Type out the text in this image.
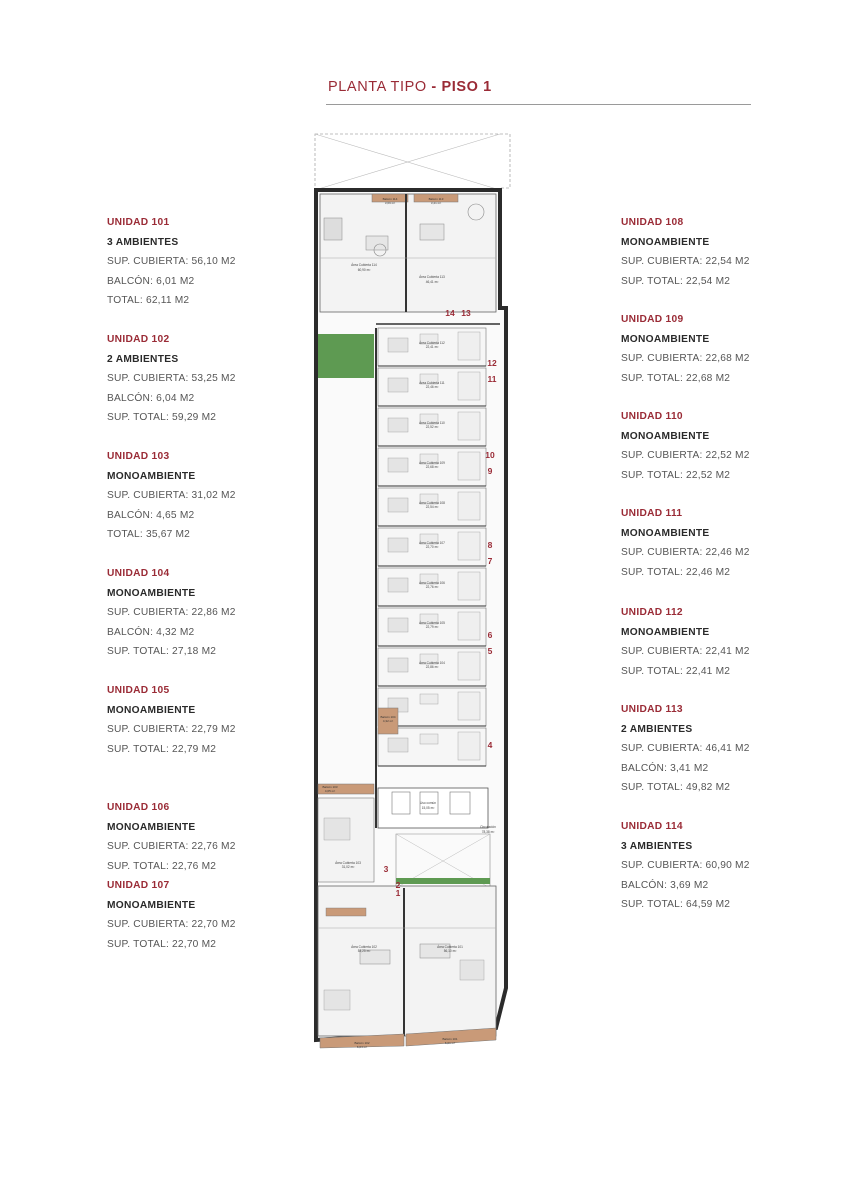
PLANTA TIPO - PISO 1
UNIDAD 101
3 AMBIENTES
SUP. CUBIERTA: 56,10 M2
BALCÓN: 6,01 M2
TOTAL: 62,11 M2
UNIDAD 102
2 AMBIENTES
SUP. CUBIERTA: 53,25 M2
BALCÓN: 6,04 M2
SUP. TOTAL: 59,29 M2
UNIDAD 103
MONOAMBIENTE
SUP. CUBIERTA: 31,02 M2
BALCÓN: 4,65 M2
TOTAL: 35,67 M2
UNIDAD 104
MONOAMBIENTE
SUP. CUBIERTA: 22,86 M2
BALCÓN: 4,32 M2
SUP. TOTAL: 27,18 M2
UNIDAD 105
MONOAMBIENTE
SUP. CUBIERTA: 22,79 M2
SUP. TOTAL: 22,79 M2
UNIDAD 106
MONOAMBIENTE
SUP. CUBIERTA: 22,76 M2
SUP. TOTAL: 22,76 M2
UNIDAD 107
MONOAMBIENTE
SUP. CUBIERTA: 22,70 M2
SUP. TOTAL: 22,70 M2
UNIDAD 108
MONOAMBIENTE
SUP. CUBIERTA: 22,54 M2
SUP. TOTAL: 22,54 M2
UNIDAD 109
MONOAMBIENTE
SUP. CUBIERTA: 22,68 M2
SUP. TOTAL: 22,68 M2
UNIDAD 110
MONOAMBIENTE
SUP. CUBIERTA: 22,52 M2
SUP. TOTAL: 22,52 M2
UNIDAD 111
MONOAMBIENTE
SUP. CUBIERTA: 22,46 M2
SUP. TOTAL: 22,46 M2
UNIDAD 112
MONOAMBIENTE
SUP. CUBIERTA: 22,41 M2
SUP. TOTAL: 22,41 M2
UNIDAD 113
2 AMBIENTES
SUP. CUBIERTA: 46,41 M2
BALCÓN: 3,41 M2
SUP. TOTAL: 49,82 M2
UNIDAD 114
3 AMBIENTES
SUP. CUBIERTA: 60,90 M2
BALCÓN: 3,69 M2
SUP. TOTAL: 64,59 M2
14 13
12
11
10
9
8
7
6
5
4
3
2
1
Área Cubierta 114
60,90 m²
Área Cubierta 113
46,41 m²
Área Cubierta 112
22,41 m²
Área Cubierta 111
22,46 m²
Área Cubierta 110
22,52 m²
Área Cubierta 109
22,68 m²
Área Cubierta 108
22,54 m²
Área Cubierta 107
22,70 m²
Área Cubierta 106
22,76 m²
Área Cubierta 105
22,79 m²
Área Cubierta 104
22,86 m²
Área Cubierta 103
31,02 m²
Área Cubierta 102
53,25 m²
Área Cubierta 101
56,10 m²
Balcón 114
3,69 m²
Balcón 113
3,41 m²
Balcón 103
4,65 m²
Balcón 104
4,32 m²
Balcón 102
6,04 m²
Balcón 101
6,01 m²
Uso común
15,05 m²
Circulación
78,38 m²
